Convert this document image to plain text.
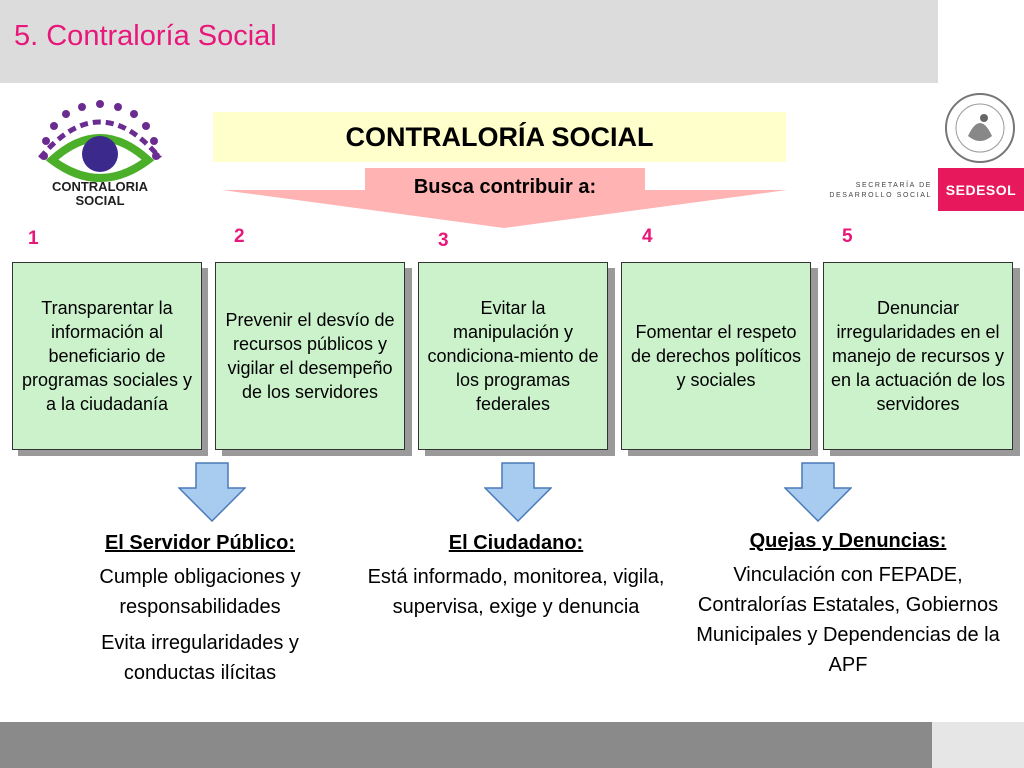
5. Contraloría Social
CONTRALORIA
SOCIAL
CONTRALORÍA SOCIAL
Busca contribuir a:	SECRETARÍA DE
DESARROLLO SOCIAL SEDESOL
1	2	3	4	5
Transparentar la información al beneficiario de programas sociales y a la ciudadanía
Prevenir el desvío de recursos públicos y vigilar el desempeño de los servidores
Evitar la manipulación y condiciona-miento de los programas federales
Fomentar el respeto de derechos políticos y sociales
Denunciar irregularidades en el manejo de recursos y en la actuación de los servidores
El Servidor Público:
Cumple obligaciones y responsabilidades
Evita irregularidades y conductas ilícitas
El Ciudadano:
Está informado, monitorea, vigila, supervisa, exige y denuncia
Quejas y Denuncias:
Vinculación con FEPADE, Contralorías Estatales, Gobiernos Municipales y Dependencias de la APF
